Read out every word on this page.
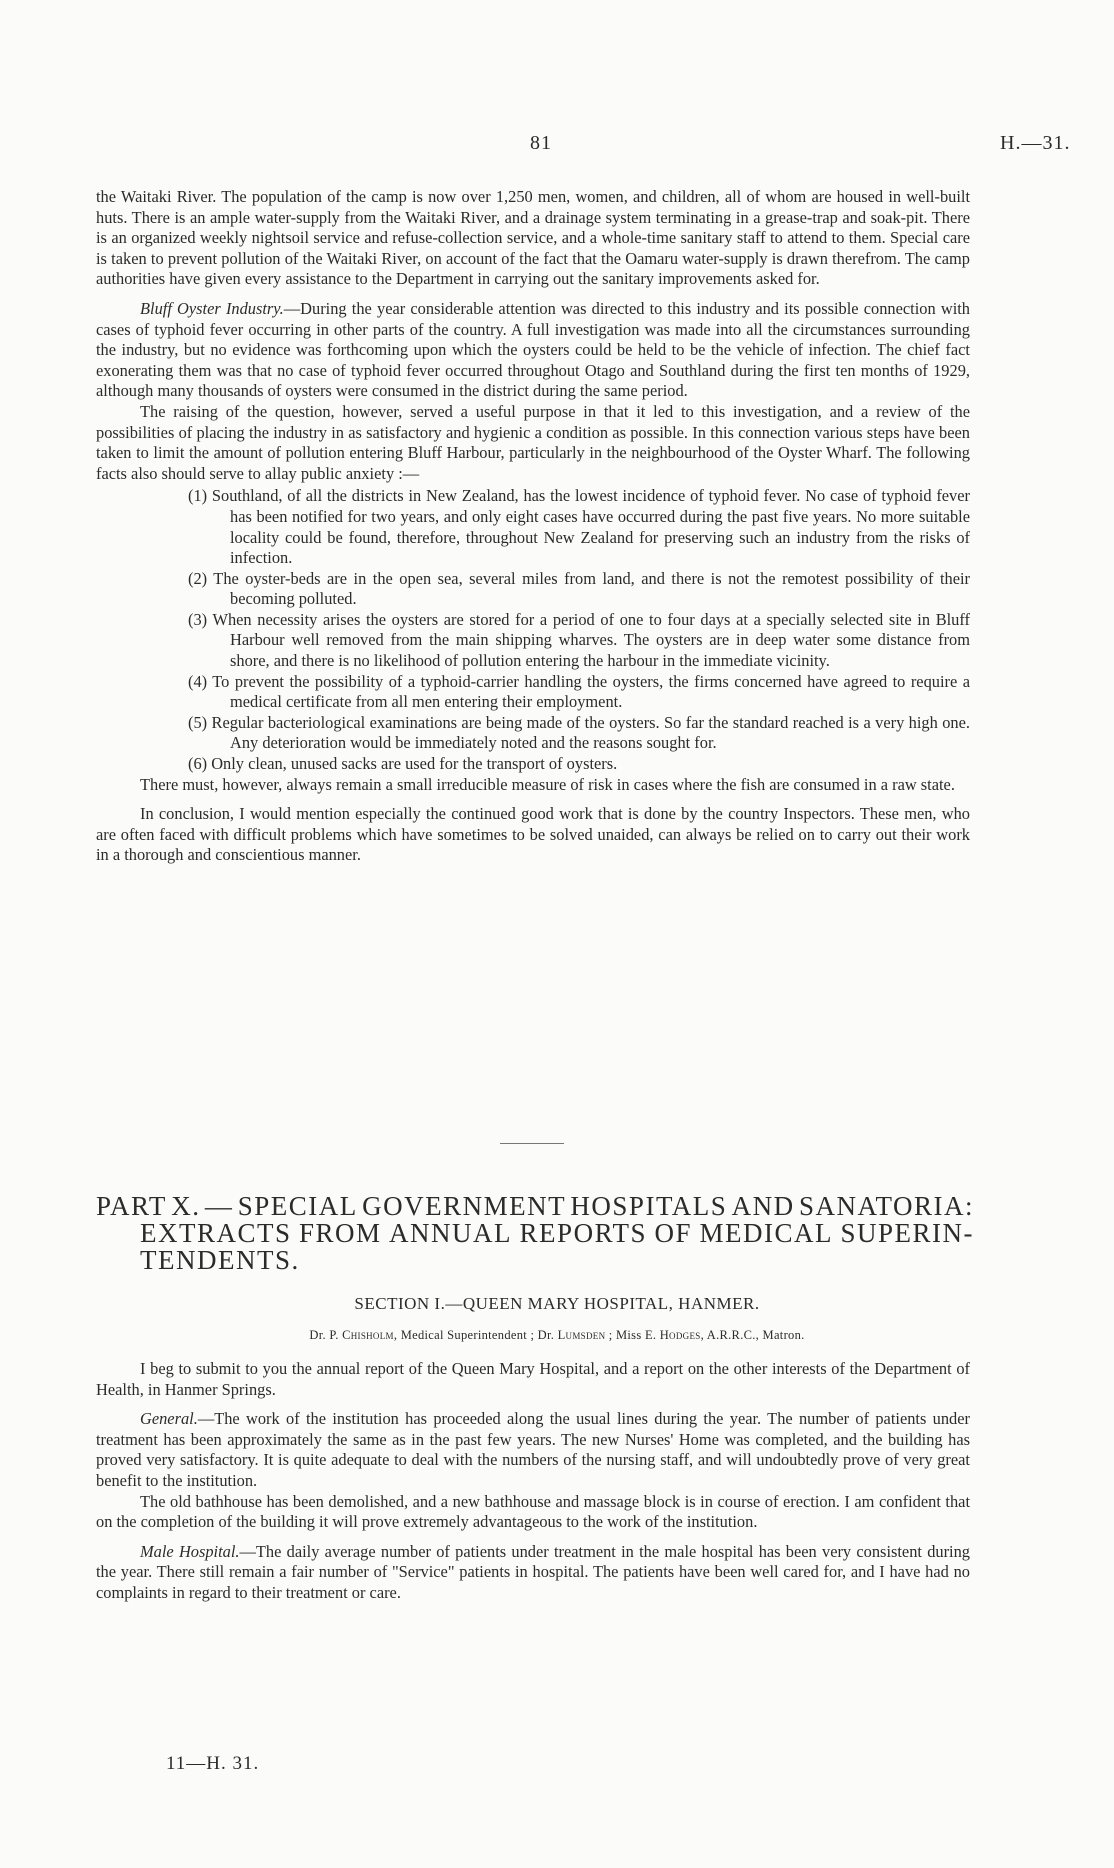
81	H.—31.

the Waitaki River. The population of the camp is now over 1,250 men, women, and children, all of whom are housed in well-built huts. There is an ample water-supply from the Waitaki River, and a drainage system terminating in a grease-trap and soak-pit. There is an organized weekly nightsoil service and refuse-collection service, and a whole-time sanitary staff to attend to them. Special care is taken to prevent pollution of the Waitaki River, on account of the fact that the Oamaru water-supply is drawn therefrom. The camp authorities have given every assistance to the Department in carrying out the sanitary improvements asked for.

Bluff Oyster Industry.—During the year considerable attention was directed to this industry and its possible connection with cases of typhoid fever occurring in other parts of the country. A full investigation was made into all the circumstances surrounding the industry, but no evidence was forthcoming upon which the oysters could be held to be the vehicle of infection. The chief fact exonerating them was that no case of typhoid fever occurred throughout Otago and Southland during the first ten months of 1929, although many thousands of oysters were consumed in the district during the same period.

The raising of the question, however, served a useful purpose in that it led to this investigation, and a review of the possibilities of placing the industry in as satisfactory and hygienic a condition as possible. In this connection various steps have been taken to limit the amount of pollution entering Bluff Harbour, particularly in the neighbourhood of the Oyster Wharf. The following facts also should serve to allay public anxiety :—

(1) Southland, of all the districts in New Zealand, has the lowest incidence of typhoid fever. No case of typhoid fever has been notified for two years, and only eight cases have occurred during the past five years. No more suitable locality could be found, therefore, throughout New Zealand for preserving such an industry from the risks of infection.
(2) The oyster-beds are in the open sea, several miles from land, and there is not the remotest possibility of their becoming polluted.
(3) When necessity arises the oysters are stored for a period of one to four days at a specially selected site in Bluff Harbour well removed from the main shipping wharves. The oysters are in deep water some distance from shore, and there is no likelihood of pollution entering the harbour in the immediate vicinity.
(4) To prevent the possibility of a typhoid-carrier handling the oysters, the firms concerned have agreed to require a medical certificate from all men entering their employment.
(5) Regular bacteriological examinations are being made of the oysters. So far the standard reached is a very high one. Any deterioration would be immediately noted and the reasons sought for.
(6) Only clean, unused sacks are used for the transport of oysters.

There must, however, always remain a small irreducible measure of risk in cases where the fish are consumed in a raw state.

In conclusion, I would mention especially the continued good work that is done by the country Inspectors. These men, who are often faced with difficult problems which have sometimes to be solved unaided, can always be relied on to carry out their work in a thorough and conscientious manner.

PART X. — SPECIAL GOVERNMENT HOSPITALS AND SANATORIA:
EXTRACTS FROM ANNUAL REPORTS OF MEDICAL SUPERIN-
TENDENTS.
SECTION I.—QUEEN MARY HOSPITAL, HANMER.
Dr. P. Chisholm, Medical Superintendent ; Dr. Lumsden ; Miss E. Hodges, A.R.R.C., Matron.

I beg to submit to you the annual report of the Queen Mary Hospital, and a report on the other interests of the Department of Health, in Hanmer Springs.

General.—The work of the institution has proceeded along the usual lines during the year. The number of patients under treatment has been approximately the same as in the past few years. The new Nurses' Home was completed, and the building has proved very satisfactory. It is quite adequate to deal with the numbers of the nursing staff, and will undoubtedly prove of very great benefit to the institution.

The old bathhouse has been demolished, and a new bathhouse and massage block is in course of erection. I am confident that on the completion of the building it will prove extremely advantageous to the work of the institution.

Male Hospital.—The daily average number of patients under treatment in the male hospital has been very consistent during the year. There still remain a fair number of "Service" patients in hospital. The patients have been well cared for, and I have had no complaints in regard to their treatment or care.

11—H. 31.
